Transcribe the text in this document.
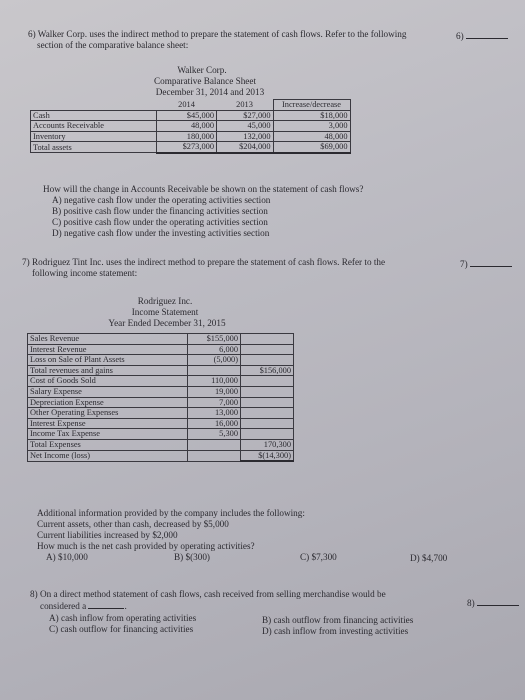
6) Walker Corp. uses the indirect method to prepare the statement of cash flows. Refer to the following
section of the comparative balance sheet:
6)
Walker Corp.
Comparative Balance Sheet
December 31, 2014 and 2013
	2014	2013	Increase/decrease
Cash	$45,000	$27,000	$18,000
Accounts Receivable	48,000	45,000	3,000
Inventory	180,000	132,000	48,000
Total assets	$273,000	$204,000	$69,000
How will the change in Accounts Receivable be shown on the statement of cash flows?
A) negative cash flow under the operating activities section
B) positive cash flow under the financing activities section
C) positive cash flow under the operating activities section
D) negative cash flow under the investing activities section
7) Rodriguez Tint Inc. uses the indirect method to prepare the statement of cash flows. Refer to the
following income statement:
7)
Rodriguez Inc.
Income Statement
Year Ended December 31, 2015
Sales Revenue	$155,000	
Interest Revenue	6,000	
Loss on Sale of Plant Assets	(5,000)	
Total revenues and gains		$156,000
Cost of Goods Sold	110,000	
Salary Expense	19,000	
Depreciation Expense	7,000	
Other Operating Expenses	13,000	
Interest Expense	16,000	
Income Tax Expense	5,300	
Total Expenses		170,300
Net Income (loss)		$(14,300)
Additional information provided by the company includes the following:
Current assets, other than cash, decreased by $5,000
Current liabilities increased by $2,000
How much is the net cash provided by operating activities?
A) $10,000	B) $(300)	C) $7,300	D) $4,700
8) On a direct method statement of cash flows, cash received from selling merchandise would be
considered a	.	8)
A) cash inflow from operating activities
C) cash outflow for financing activities
B) cash outflow from financing activities
D) cash inflow from investing activities
